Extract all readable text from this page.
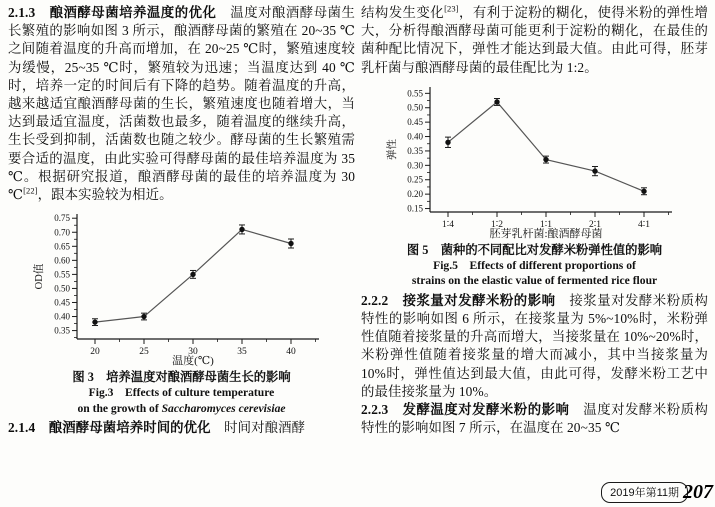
2.1.3　酿酒酵母菌培养温度的优化　温度对酿酒酵母菌生长繁殖的影响如图 3 所示，酿酒酵母菌的繁殖在 20~35 ℃之间随着温度的升高而增加，在 20~25 ℃时，繁殖速度较为缓慢，25~35 ℃时，繁殖较为迅速；当温度达到 40 ℃时，培养一定的时间后有下降的趋势。随着温度的升高，越来越适宜酿酒酵母菌的生长，繁殖速度也随着增大，当达到最适宜温度，活菌数也最多，随着温度的继续升高，生长受到抑制，活菌数也随之较少。酵母菌的生长繁殖需要合适的温度，由此实验可得酵母菌的最佳培养温度为 35 ℃。根据研究报道，酿酒酵母菌的最佳的培养温度为 30 ℃[22]，跟本实验较为相近。

0.35
0.40
0.45
0.50
0.55
0.60
0.65
0.70
0.75
20	25	30	35	40
OD值
温度(℃)
图 3　培养温度对酿酒酵母菌生长的影响
Fig.3　Effects of culture temperature
on the growth of Saccharomyces cerevisiae

2.1.4　酿酒酵母菌培养时间的优化　时间对酿酒酵

结构发生变化[23]，有利于淀粉的糊化，使得米粉的弹性增大，分析得酿酒酵母菌可能更利于淀粉的糊化，在最佳的菌种配比情况下，弹性才能达到最大值。由此可得，胚芽乳杆菌与酿酒酵母菌的最佳配比为 1:2。

0.15
0.20
0.25
0.30
0.35
0.40
0.45
0.50
0.55
1∶4	1∶2	1∶1	2∶1	4∶1
弹性
胚芽乳杆菌:酿酒酵母菌
图 5　菌种的不同配比对发酵米粉弹性值的影响
Fig.5　Effects of different proportions of
strains on the elastic value of fermented rice flour

2.2.2　接浆量对发酵米粉的影响　接浆量对发酵米粉质构特性的影响如图 6 所示，在接浆量为 5%~10%时，米粉弹性值随着接浆量的升高而增大，当接浆量在 10%~20%时，米粉弹性值随着接浆量的增大而减小，其中当接浆量为 10%时，弹性值达到最大值，由此可得，发酵米粉工艺中的最佳接浆量为 10%。

2.2.3　发酵温度对发酵米粉的影响　温度对发酵米粉质构特性的影响如图 7 所示，在温度在 20~35 ℃

2019年第11期 207
